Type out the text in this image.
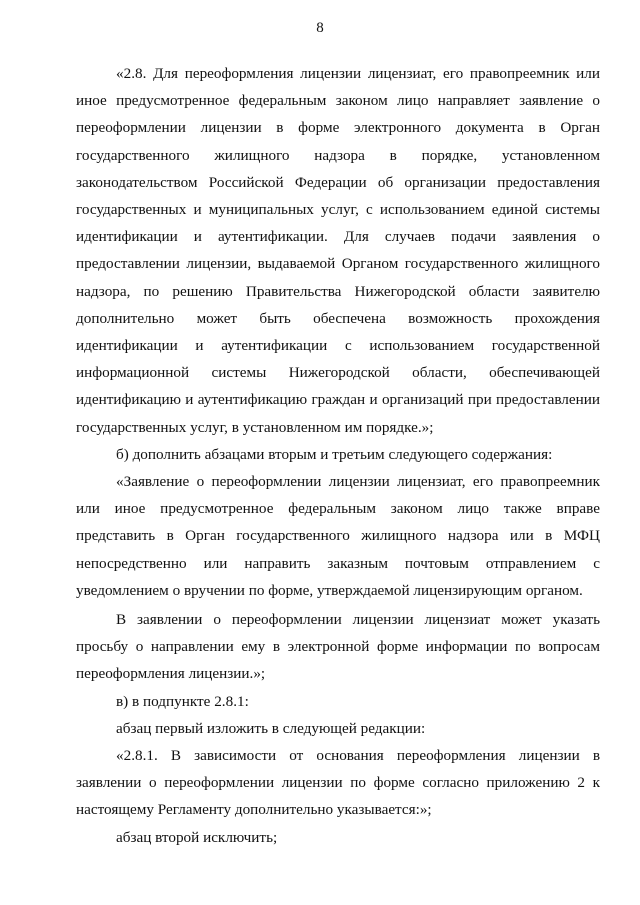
8

«2.8. Для переоформления лицензии лицензиат, его правопреемник или иное предусмотренное федеральным законом лицо направляет заявление о переоформлении лицензии в форме электронного документа в Орган государственного жилищного надзора в порядке, установленном законодательством Российской Федерации об организации предоставления государственных и муниципальных услуг, с использованием единой системы идентификации и аутентификации. Для случаев подачи заявления о предоставлении лицензии, выдаваемой Органом государственного жилищного надзора, по решению Правительства Нижегородской области заявителю дополнительно может быть обеспечена возможность прохождения идентификации и аутентификации с использованием государственной информационной системы Нижегородской области, обеспечивающей идентификацию и аутентификацию граждан и организаций при предоставлении государственных услуг, в установленном им порядке.»;

б) дополнить абзацами вторым и третьим следующего содержания:

«Заявление о переоформлении лицензии лицензиат, его правопреемник или иное предусмотренное федеральным законом лицо также вправе представить в Орган государственного жилищного надзора или в МФЦ непосредственно или направить заказным почтовым отправлением с уведомлением о вручении по форме, утверждаемой лицензирующим органом.

В заявлении о переоформлении лицензии лицензиат может указать просьбу о направлении ему в электронной форме информации по вопросам переоформления лицензии.»;

в) в подпункте 2.8.1:

абзац первый изложить в следующей редакции:

«2.8.1. В зависимости от основания переоформления лицензии в заявлении о переоформлении лицензии по форме согласно приложению 2 к настоящему Регламенту дополнительно указывается:»;

абзац второй исключить;
